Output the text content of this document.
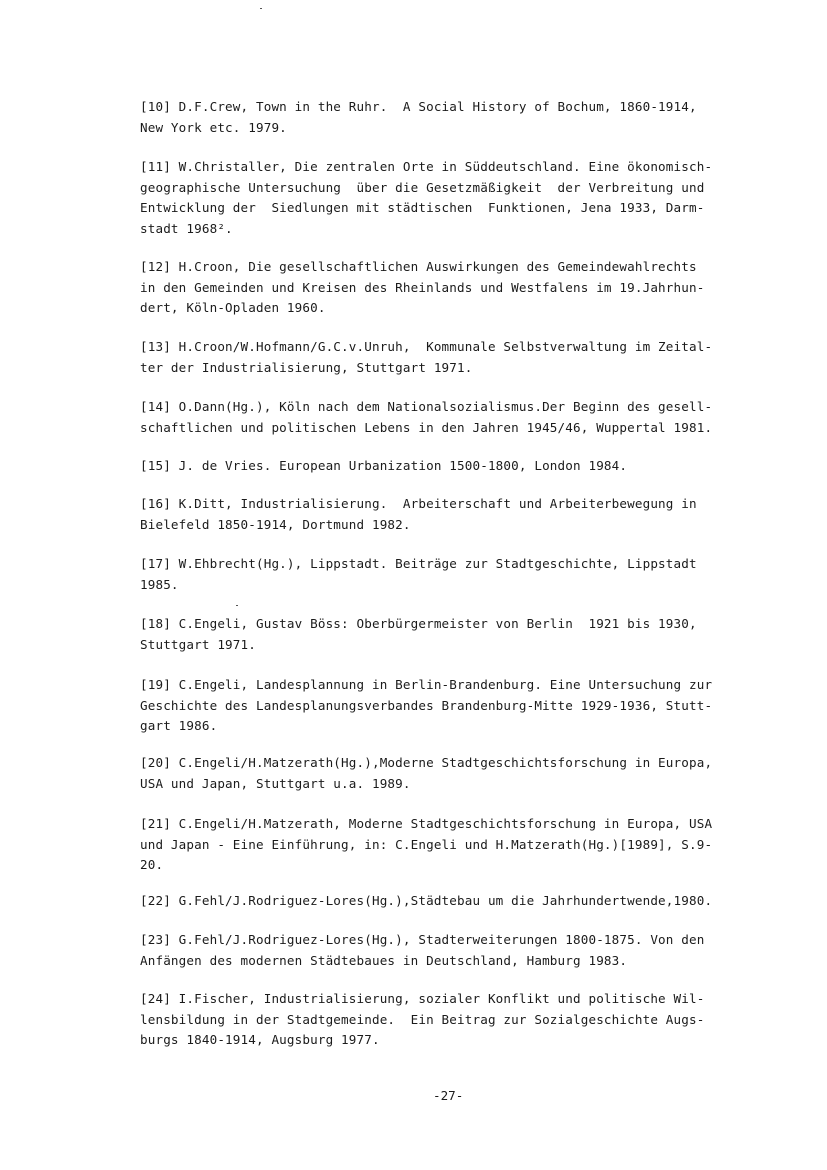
[10] D.F.Crew, Town in the Ruhr.  A Social History of Bochum, 1860-1914,
New York etc. 1979.
[11] W.Christaller, Die zentralen Orte in Süddeutschland. Eine ökonomisch-
geographische Untersuchung  über die Gesetzmäßigkeit  der Verbreitung und
Entwicklung der  Siedlungen mit städtischen  Funktionen, Jena 1933, Darm-
stadt 1968².
[12] H.Croon, Die gesellschaftlichen Auswirkungen des Gemeindewahlrechts
in den Gemeinden und Kreisen des Rheinlands und Westfalens im 19.Jahrhun-
dert, Köln-Opladen 1960.
[13] H.Croon/W.Hofmann/G.C.v.Unruh,  Kommunale Selbstverwaltung im Zeital-
ter der Industrialisierung, Stuttgart 1971.
[14] O.Dann(Hg.), Köln nach dem Nationalsozialismus.Der Beginn des gesell-
schaftlichen und politischen Lebens in den Jahren 1945/46, Wuppertal 1981.
[15] J. de Vries. European Urbanization 1500-1800, London 1984.
[16] K.Ditt, Industrialisierung.  Arbeiterschaft und Arbeiterbewegung in
Bielefeld 1850-1914, Dortmund 1982.
[17] W.Ehbrecht(Hg.), Lippstadt. Beiträge zur Stadtgeschichte, Lippstadt
1985.
[18] C.Engeli, Gustav Böss: Oberbürgermeister von Berlin  1921 bis 1930,
Stuttgart 1971.
[19] C.Engeli, Landesplannung in Berlin-Brandenburg. Eine Untersuchung zur
Geschichte des Landesplanungsverbandes Brandenburg-Mitte 1929-1936, Stutt-
gart 1986.
[20] C.Engeli/H.Matzerath(Hg.),Moderne Stadtgeschichtsforschung in Europa,
USA und Japan, Stuttgart u.a. 1989.
[21] C.Engeli/H.Matzerath, Moderne Stadtgeschichtsforschung in Europa, USA
und Japan - Eine Einführung, in: C.Engeli und H.Matzerath(Hg.)[1989], S.9-
20.
[22] G.Fehl/J.Rodriguez-Lores(Hg.),Städtebau um die Jahrhundertwende,1980.
[23] G.Fehl/J.Rodriguez-Lores(Hg.), Stadterweiterungen 1800-1875. Von den
Anfängen des modernen Städtebaues in Deutschland, Hamburg 1983.
[24] I.Fischer, Industrialisierung, sozialer Konflikt und politische Wil-
lensbildung in der Stadtgemeinde.  Ein Beitrag zur Sozialgeschichte Augs-
burgs 1840-1914, Augsburg 1977.
-27-
